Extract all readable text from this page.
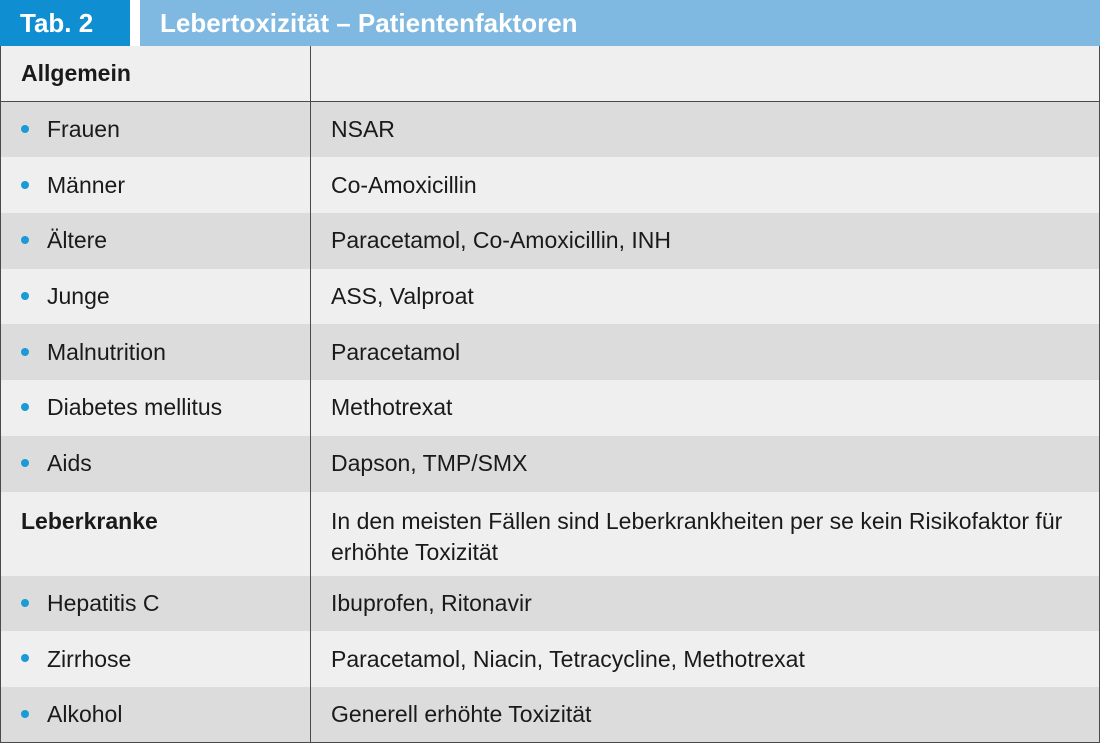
Tab. 2	Lebertoxizität – Patientenfaktoren
Allgemein	
Frauen	NSAR
Männer	Co-Amoxicillin
Ältere	Paracetamol, Co-Amoxicillin, INH
Junge	ASS, Valproat
Malnutrition	Paracetamol
Diabetes mellitus	Methotrexat
Aids	Dapson, TMP/SMX
Leberkranke	In den meisten Fällen sind Leberkrankheiten per se kein Risikofaktor für erhöhte Toxizität
Hepatitis C	Ibuprofen, Ritonavir
Zirrhose	Paracetamol, Niacin, Tetracycline, Methotrexat
Alkohol	Generell erhöhte Toxizität
